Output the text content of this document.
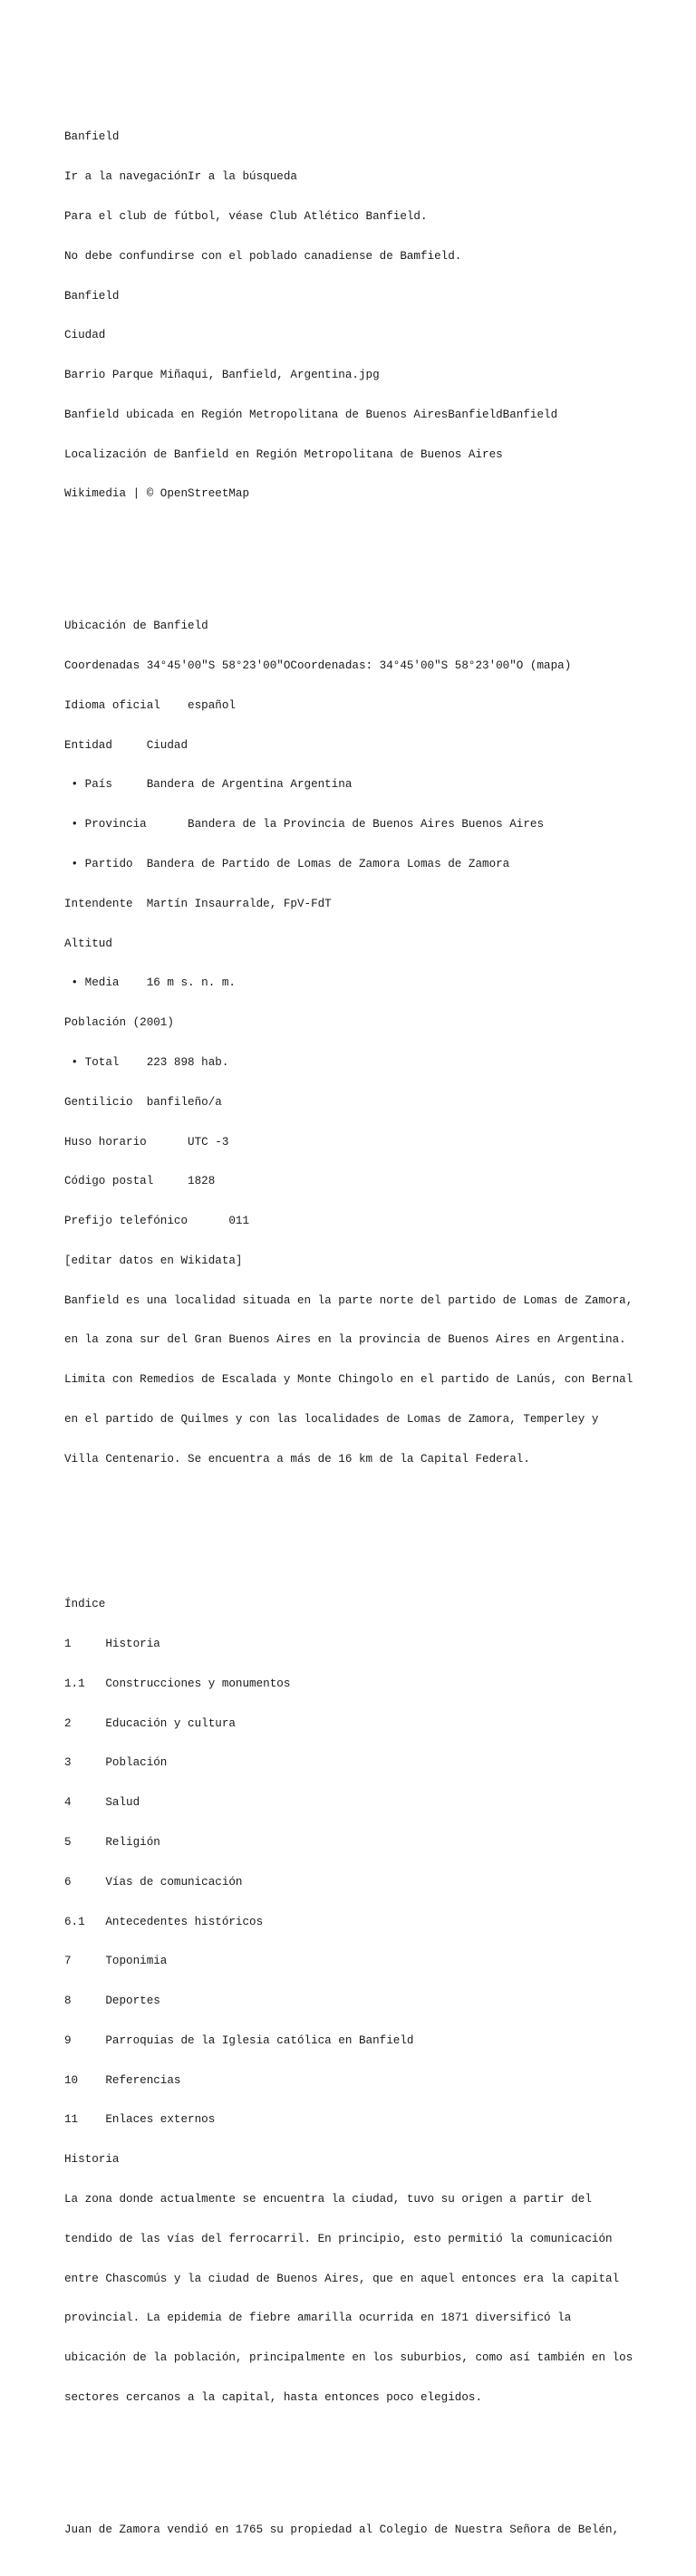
Banfield

Ir a la navegaciónIr a la búsqueda

Para el club de fútbol, véase Club Atlético Banfield.

No debe confundirse con el poblado canadiense de Bamfield.

Banfield

Ciudad

Barrio Parque Miñaqui, Banfield, Argentina.jpg

Banfield ubicada en Región Metropolitana de Buenos AiresBanfieldBanfield

Localización de Banfield en Región Metropolitana de Buenos Aires

Wikimedia | © OpenStreetMap

Ubicación de Banfield

Coordenadas 34°45′00″S 58°23′00″OCoordenadas: 34°45′00″S 58°23′00″O (mapa)

Idioma oficial    español

Entidad     Ciudad

• País     Bandera de Argentina Argentina

• Provincia      Bandera de la Provincia de Buenos Aires Buenos Aires

• Partido  Bandera de Partido de Lomas de Zamora Lomas de Zamora

Intendente  Martín Insaurralde, FpV-FdT

Altitud

• Media    16 m s. n. m.

Población (2001)

• Total    223 898 hab.

Gentilicio  banfileño/a

Huso horario      UTC -3

Código postal     1828

Prefijo telefónico      011

[editar datos en Wikidata]

Banfield es una localidad situada en la parte norte del partido de Lomas de Zamora,

en la zona sur del Gran Buenos Aires en la provincia de Buenos Aires en Argentina.

Limita con Remedios de Escalada y Monte Chingolo en el partido de Lanús, con Bernal

en el partido de Quilmes y con las localidades de Lomas de Zamora, Temperley y

Villa Centenario. Se encuentra a más de 16 km de la Capital Federal.

Índice

1     Historia

1.1   Construcciones y monumentos

2     Educación y cultura

3     Población

4     Salud

5     Religión

6     Vías de comunicación

6.1   Antecedentes históricos

7     Toponimia

8     Deportes

9     Parroquias de la Iglesia católica en Banfield

10    Referencias

11    Enlaces externos

Historia

La zona donde actualmente se encuentra la ciudad, tuvo su origen a partir del

tendido de las vías del ferrocarril. En principio, esto permitió la comunicación

entre Chascomús y la ciudad de Buenos Aires, que en aquel entonces era la capital

provincial. La epidemia de fiebre amarilla ocurrida en 1871 diversificó la

ubicación de la población, principalmente en los suburbios, como así también en los

sectores cercanos a la capital, hasta entonces poco elegidos.

Juan de Zamora vendió en 1765 su propiedad al Colegio de Nuestra Señora de Belén,
